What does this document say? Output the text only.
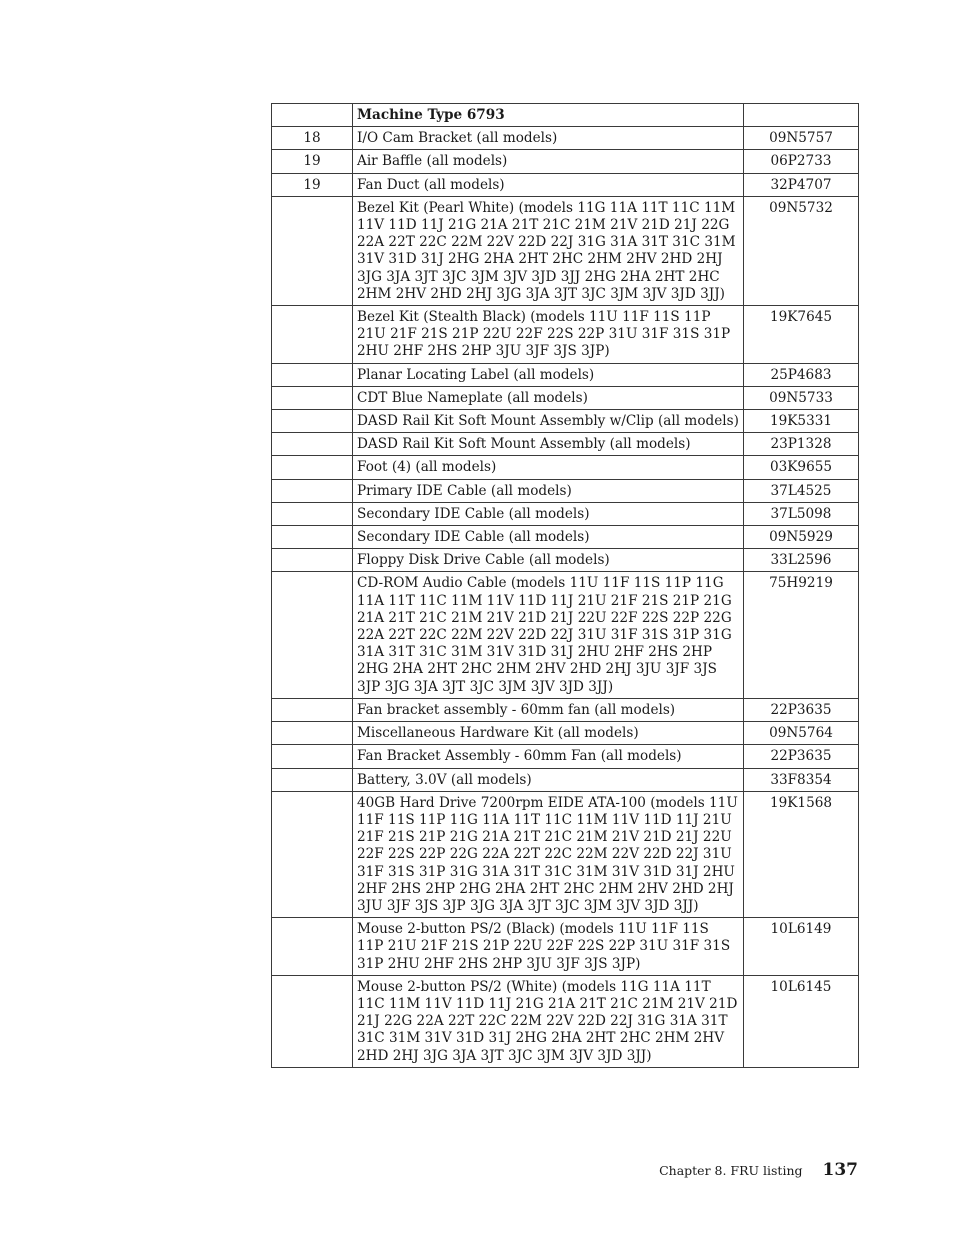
	Machine Type 6793	
18	I/O Cam Bracket (all models)	09N5757
19	Air Baffle (all models)	06P2733
19	Fan Duct (all models)	32P4707
	Bezel Kit (Pearl White) (models 11G 11A 11T 11C 11M 11V 11D 11J 21G 21A 21T 21C 21M 21V 21D 21J 22G 22A 22T 22C 22M 22V 22D 22J 31G 31A 31T 31C 31M 31V 31D 31J 2HG 2HA 2HT 2HC 2HM 2HV 2HD 2HJ 3JG 3JA 3JT 3JC 3JM 3JV 3JD 3JJ 2HG 2HA 2HT 2HC 2HM 2HV 2HD 2HJ 3JG 3JA 3JT 3JC 3JM 3JV 3JD 3JJ)	09N5732
	Bezel Kit (Stealth Black) (models 11U 11F 11S 11P 21U 21F 21S 21P 22U 22F 22S 22P 31U 31F 31S 31P 2HU 2HF 2HS 2HP 3JU 3JF 3JS 3JP)	19K7645
	Planar Locating Label (all models)	25P4683
	CDT Blue Nameplate (all models)	09N5733
	DASD Rail Kit Soft Mount Assembly w/Clip (all models)	19K5331
	DASD Rail Kit Soft Mount Assembly (all models)	23P1328
	Foot (4) (all models)	03K9655
	Primary IDE Cable (all models)	37L4525
	Secondary IDE Cable (all models)	37L5098
	Secondary IDE Cable (all models)	09N5929
	Floppy Disk Drive Cable (all models)	33L2596
	CD-ROM Audio Cable (models 11U 11F 11S 11P 11G 11A 11T 11C 11M 11V 11D 11J 21U 21F 21S 21P 21G 21A 21T 21C 21M 21V 21D 21J 22U 22F 22S 22P 22G 22A 22T 22C 22M 22V 22D 22J 31U 31F 31S 31P 31G 31A 31T 31C 31M 31V 31D 31J 2HU 2HF 2HS 2HP 2HG 2HA 2HT 2HC 2HM 2HV 2HD 2HJ 3JU 3JF 3JS 3JP 3JG 3JA 3JT 3JC 3JM 3JV 3JD 3JJ)	75H9219
	Fan bracket assembly - 60mm fan (all models)	22P3635
	Miscellaneous Hardware Kit (all models)	09N5764
	Fan Bracket Assembly - 60mm Fan (all models)	22P3635
	Battery, 3.0V (all models)	33F8354
	40GB Hard Drive 7200rpm EIDE ATA-100 (models 11U 11F 11S 11P 11G 11A 11T 11C 11M 11V 11D 11J 21U 21F 21S 21P 21G 21A 21T 21C 21M 21V 21D 21J 22U 22F 22S 22P 22G 22A 22T 22C 22M 22V 22D 22J 31U 31F 31S 31P 31G 31A 31T 31C 31M 31V 31D 31J 2HU 2HF 2HS 2HP 2HG 2HA 2HT 2HC 2HM 2HV 2HD 2HJ 3JU 3JF 3JS 3JP 3JG 3JA 3JT 3JC 3JM 3JV 3JD 3JJ)	19K1568
	Mouse 2-button PS/2 (Black) (models 11U 11F 11S 11P 21U 21F 21S 21P 22U 22F 22S 22P 31U 31F 31S 31P 2HU 2HF 2HS 2HP 3JU 3JF 3JS 3JP)	10L6149
	Mouse 2-button PS/2 (White) (models 11G 11A 11T 11C 11M 11V 11D 11J 21G 21A 21T 21C 21M 21V 21D 21J 22G 22A 22T 22C 22M 22V 22D 22J 31G 31A 31T 31C 31M 31V 31D 31J 2HG 2HA 2HT 2HC 2HM 2HV 2HD 2HJ 3JG 3JA 3JT 3JC 3JM 3JV 3JD 3JJ)	10L6145
Chapter 8. FRU listing 137
